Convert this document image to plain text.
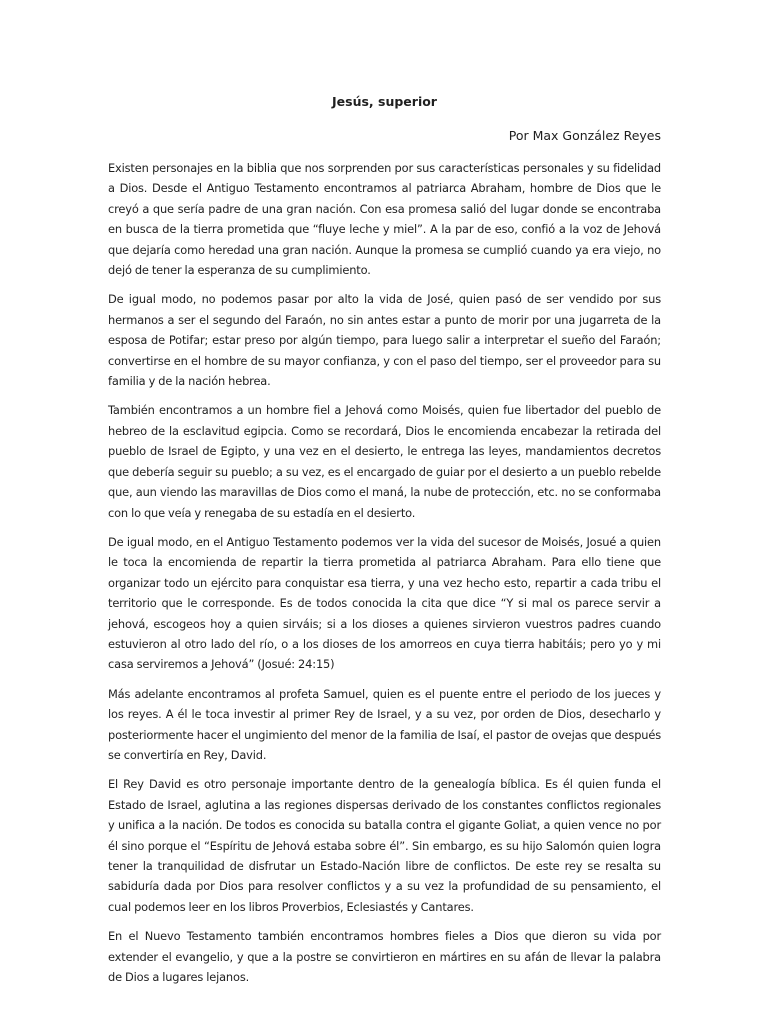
Jesús, superior

Por Max González Reyes

Existen personajes en la biblia que nos sorprenden por sus características personales y su fidelidad a Dios. Desde el Antiguo Testamento encontramos al patriarca Abraham, hombre de Dios que le creyó a que sería padre de una gran nación. Con esa promesa salió del lugar donde se encontraba en busca de la tierra prometida que “fluye leche y miel”. A la par de eso, confió a la voz de Jehová que dejaría como heredad una gran nación. Aunque la promesa se cumplió cuando ya era viejo, no dejó de tener la esperanza de su cumplimiento.

De igual modo, no podemos pasar por alto la vida de José, quien pasó de ser vendido por sus hermanos a ser el segundo del Faraón, no sin antes estar a punto de morir por una jugarreta de la esposa de Potifar; estar preso por algún tiempo, para luego salir a interpretar el sueño del Faraón; convertirse en el hombre de su mayor confianza, y con el paso del tiempo, ser el proveedor para su familia y de la nación hebrea.

También encontramos a un hombre fiel a Jehová como Moisés, quien fue libertador del pueblo de hebreo de la esclavitud egipcia. Como se recordará, Dios le encomienda encabezar la retirada del pueblo de Israel de Egipto, y una vez en el desierto, le entrega las leyes, mandamientos decretos que debería seguir su pueblo; a su vez, es el encargado de guiar por el desierto a un pueblo rebelde que, aun viendo las maravillas de Dios como el maná, la nube de protección, etc. no se conformaba con lo que veía y renegaba de su estadía en el desierto.

De igual modo, en el Antiguo Testamento podemos ver la vida del sucesor de Moisés, Josué a quien le toca la encomienda de repartir la tierra prometida al patriarca Abraham. Para ello tiene que organizar todo un ejército para conquistar esa tierra, y una vez hecho esto, repartir a cada tribu el territorio que le corresponde. Es de todos conocida la cita que dice “Y si mal os parece servir a jehová, escogeos hoy a quien sirváis; si a los dioses a quienes sirvieron vuestros padres cuando estuvieron al otro lado del río, o a los dioses de los amorreos en cuya tierra habitáis; pero yo y mi casa serviremos a Jehová” (Josué: 24:15)

Más adelante encontramos al profeta Samuel, quien es el puente entre el periodo de los jueces y los reyes. A él le toca investir al primer Rey de Israel, y a su vez, por orden de Dios, desecharlo y posteriormente hacer el ungimiento del menor de la familia de Isaí, el pastor de ovejas que después se convertiría en Rey, David.

El Rey David es otro personaje importante dentro de la genealogía bíblica. Es él quien funda el Estado de Israel, aglutina a las regiones dispersas derivado de los constantes conflictos regionales y unifica a la nación. De todos es conocida su batalla contra el gigante Goliat, a quien vence no por él sino porque el “Espíritu de Jehová estaba sobre él”. Sin embargo, es su hijo Salomón quien logra tener la tranquilidad de disfrutar un Estado-Nación libre de conflictos. De este rey se resalta su sabiduría dada por Dios para resolver conflictos y a su vez la profundidad de su pensamiento, el cual podemos leer en los libros Proverbios, Eclesiastés y Cantares.

En el Nuevo Testamento también encontramos hombres fieles a Dios que dieron su vida por extender el evangelio, y que a la postre se convirtieron en mártires en su afán de llevar la palabra de Dios a lugares lejanos.
